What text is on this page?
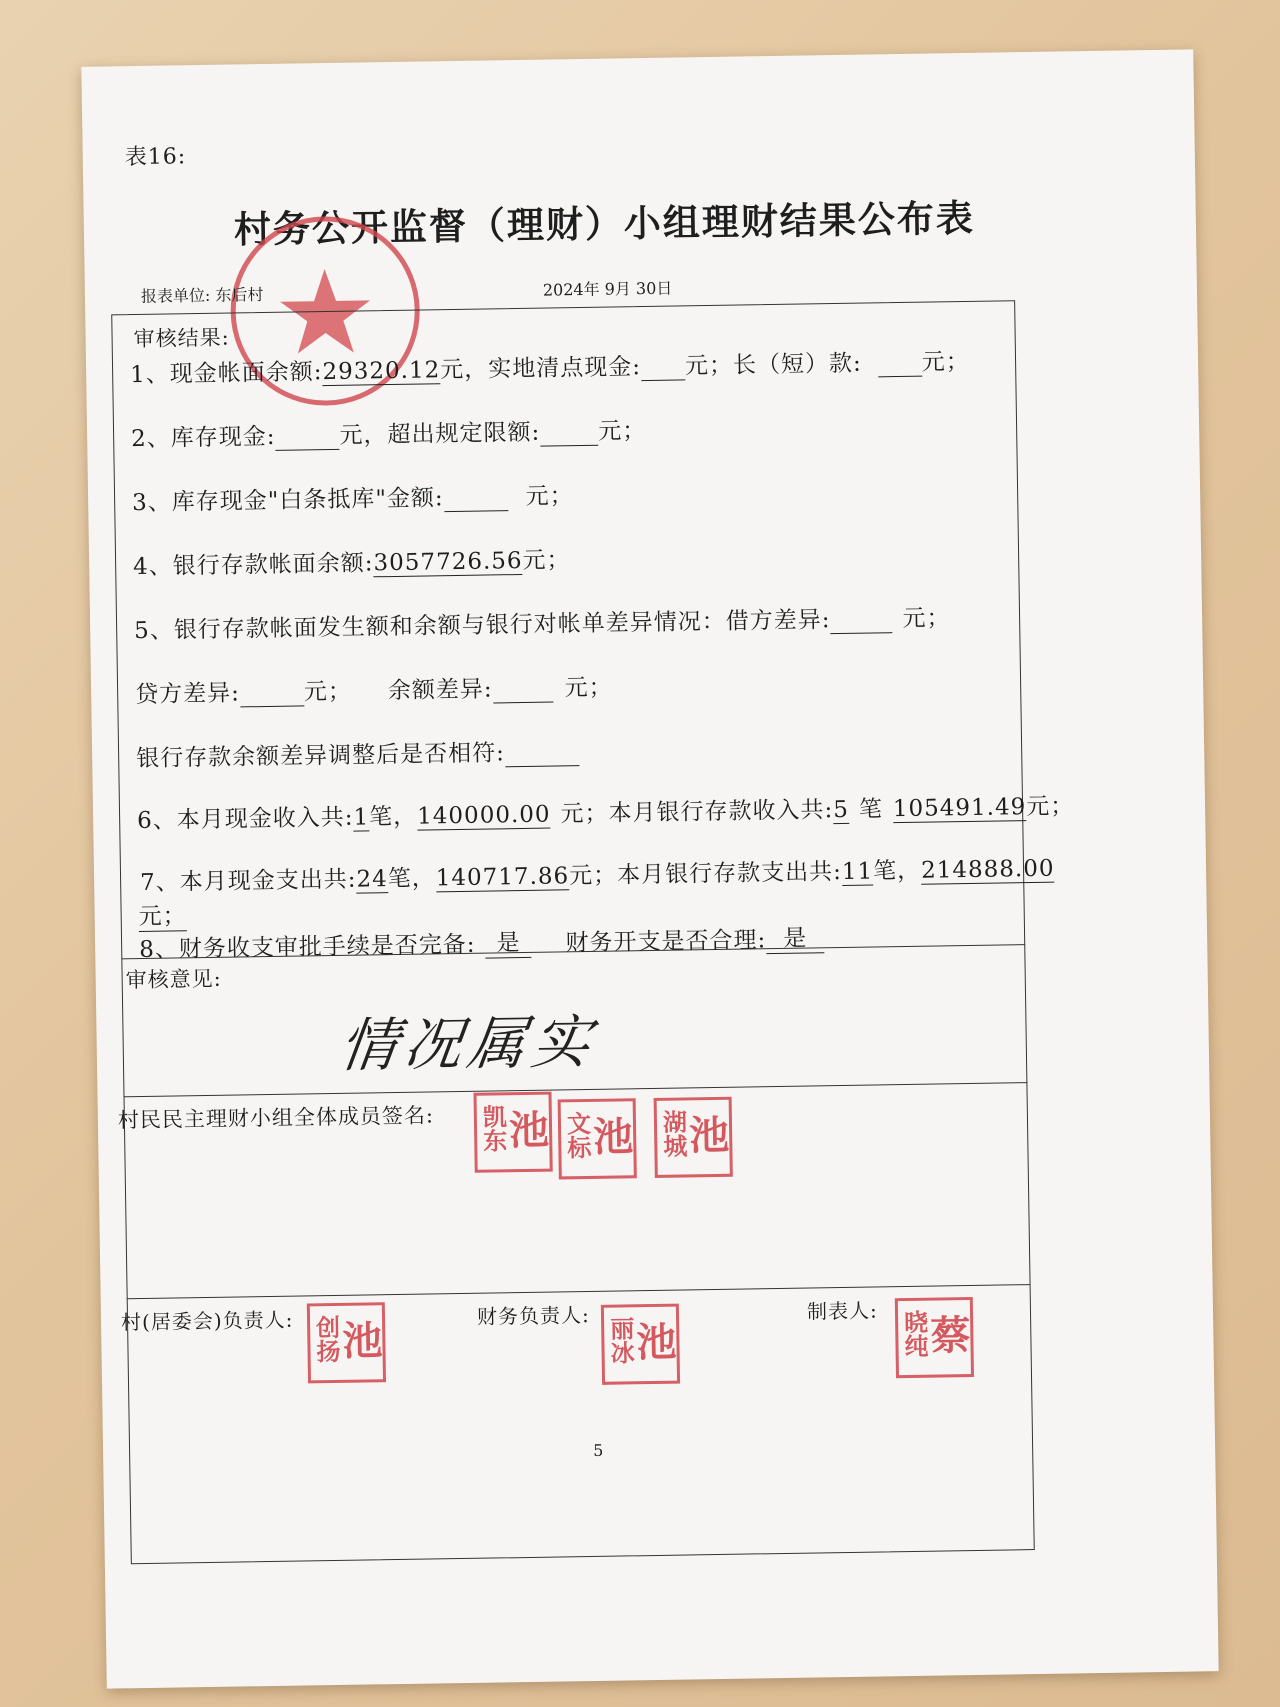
表16:
村务公开监督（理财）小组理财结果公布表
报表单位: 东后村	2024年 9月 30日
审核结果:
1、现金帐面余额:29320.12元，实地清点现金: 元；长（短）款:	元；
2、库存现金:	元，超出规定限额:	元；
3、库存现金"白条抵库"金额:	元；
4、银行存款帐面余额:3057726.56元；
5、银行存款帐面发生额和余额与银行对帐单差异情况：借方差异:	元；
贷方差异:	元； 余额差异:	元；
银行存款余额差异调整后是否相符:
6、本月现金收入共:1笔，140000.00 元；本月银行存款收入共:5 笔 105491.49元；
7、本月现金支出共:24笔，140717.86元；本月银行存款支出共:11笔，214888.00
元；
8、财务收支审批手续是否完备: 是 财务开支是否合理: 是
审核意见:
情况属实
村民民主理财小组全体成员签名: 凯东 池 文标 池 湖城 池
村(居委会)负责人: 创扬 池
财务负责人: 丽冰 池
制表人: 晓纯 蔡
5
